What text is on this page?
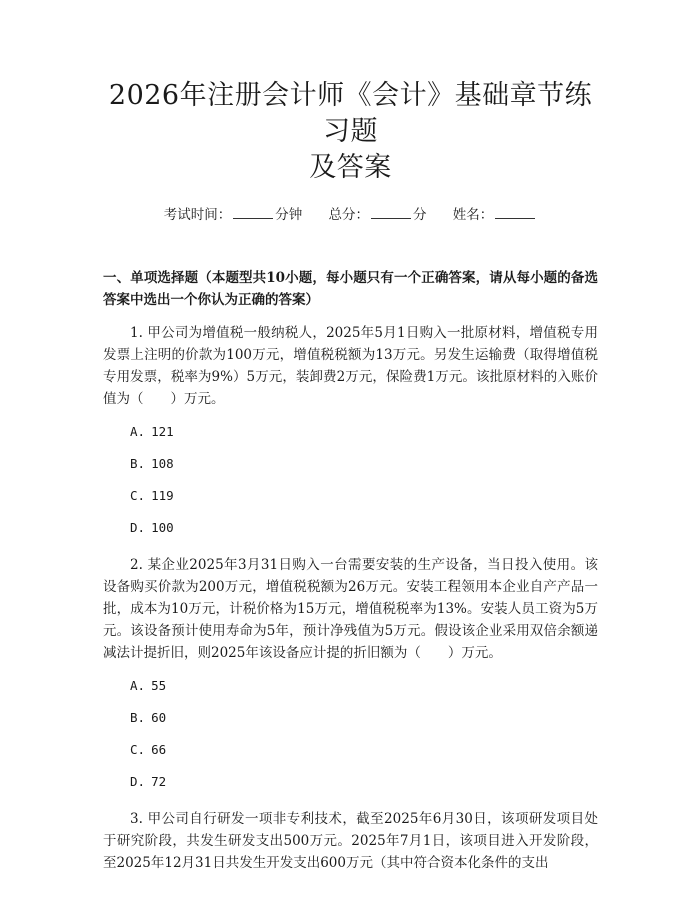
2026年注册会计师《会计》基础章节练习题
及答案
考试时间：	分钟 总分：	分 姓名：
一、单项选择题（本题型共10小题，每小题只有一个正确答案，请从每小题的备选答案中选出一个你认为正确的答案）
1. 甲公司为增值税一般纳税人，2025年5月1日购入一批原材料，增值税专用发票上注明的价款为100万元，增值税税额为13万元。另发生运输费（取得增值税专用发票，税率为9%）5万元，装卸费2万元，保险费1万元。该批原材料的入账价值为（　　）万元。
A. 121
B. 108
C. 119
D. 100
2. 某企业2025年3月31日购入一台需要安装的生产设备，当日投入使用。该设备购买价款为200万元，增值税税额为26万元。安装工程领用本企业自产产品一批，成本为10万元，计税价格为15万元，增值税税率为13%。安装人员工资为5万元。该设备预计使用寿命为5年，预计净残值为5万元。假设该企业采用双倍余额递减法计提折旧，则2025年该设备应计提的折旧额为（　　）万元。
A. 55
B. 60
C. 66
D. 72
3. 甲公司自行研发一项非专利技术，截至2025年6月30日，该项研发项目处于研究阶段，共发生研发支出500万元。2025年7月1日，该项目进入开发阶段，至2025年12月31日共发生开发支出600万元（其中符合资本化条件的支出
